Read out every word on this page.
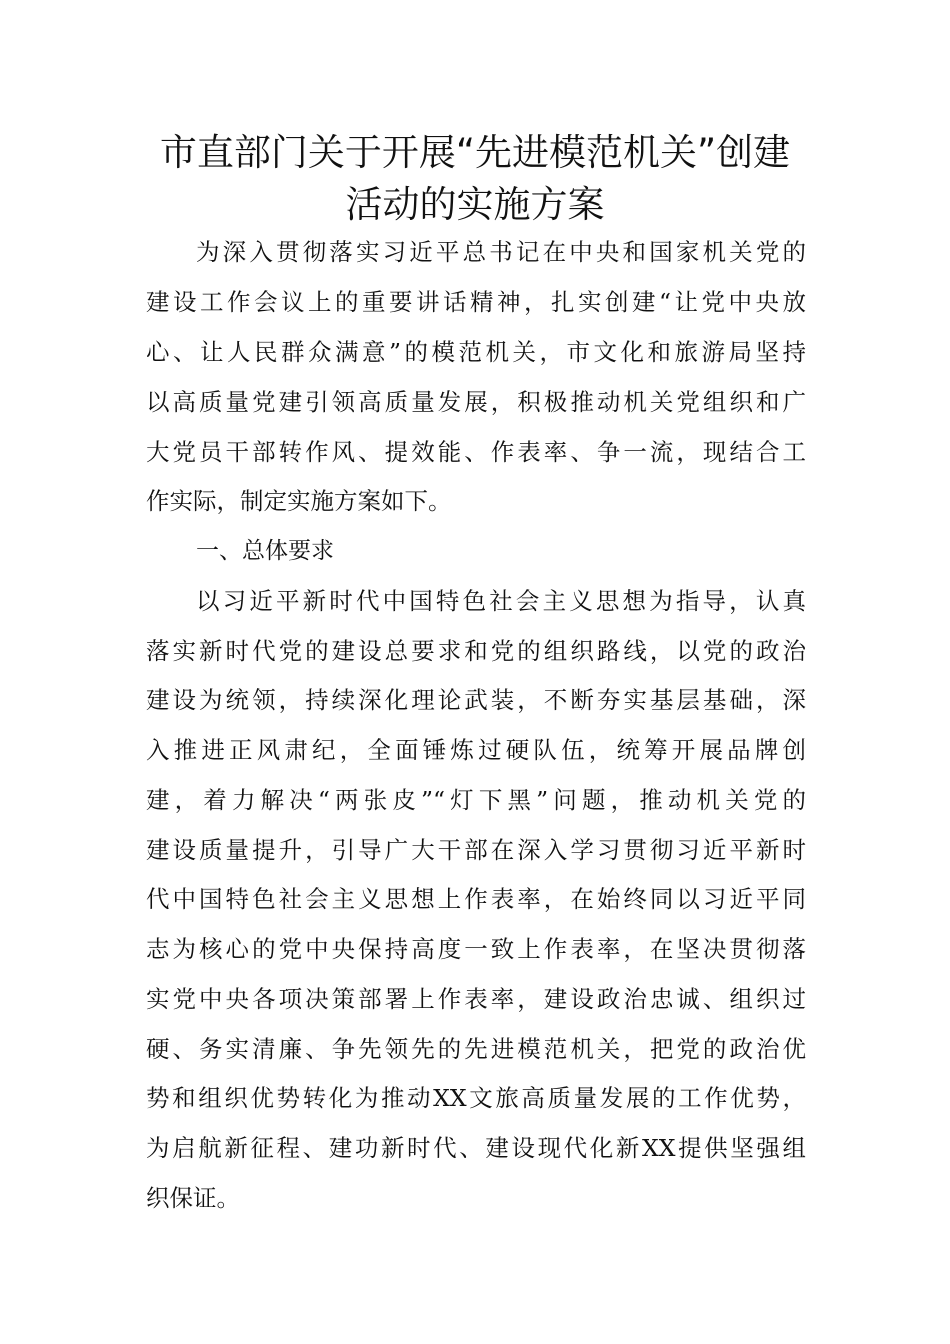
市直部门关于开展“先进模范机关”创建
活动的实施方案
为深入贯彻落实习近平总书记在中央和国家机关党的
建设工作会议上的重要讲话精神，扎实创建“让党中央放
心、让人民群众满意”的模范机关，市文化和旅游局坚持
以高质量党建引领高质量发展，积极推动机关党组织和广
大党员干部转作风、提效能、作表率、争一流，现结合工
作实际，制定实施方案如下。
一、总体要求
以习近平新时代中国特色社会主义思想为指导，认真
落实新时代党的建设总要求和党的组织路线，以党的政治
建设为统领，持续深化理论武装，不断夯实基层基础，深
入推进正风肃纪，全面锤炼过硬队伍，统筹开展品牌创
建，着力解决“两张皮”“灯下黑”问题，推动机关党的
建设质量提升，引导广大干部在深入学习贯彻习近平新时
代中国特色社会主义思想上作表率，在始终同以习近平同
志为核心的党中央保持高度一致上作表率，在坚决贯彻落
实党中央各项决策部署上作表率，建设政治忠诚、组织过
硬、务实清廉、争先领先的先进模范机关，把党的政治优
势和组织优势转化为推动XX文旅高质量发展的工作优势，
为启航新征程、建功新时代、建设现代化新XX提供坚强组
织保证。
